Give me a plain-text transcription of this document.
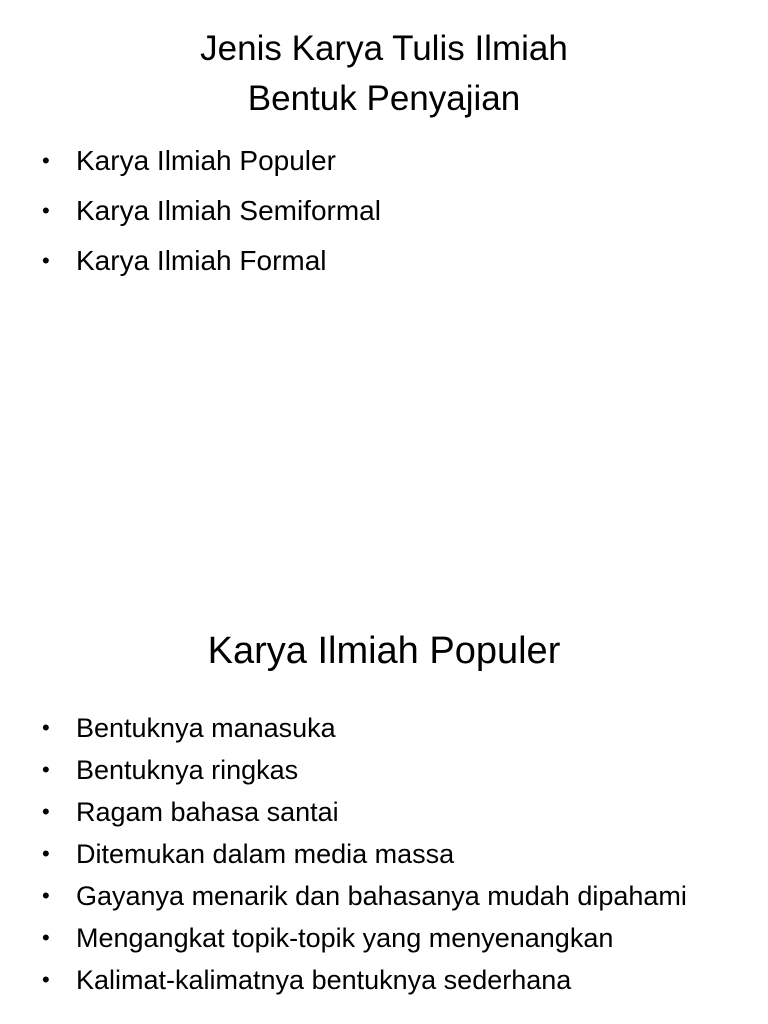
Jenis Karya Tulis Ilmiah
Bentuk Penyajian
• Karya Ilmiah Populer
• Karya Ilmiah Semiformal
• Karya Ilmiah Formal
Karya Ilmiah Populer
• Bentuknya manasuka
• Bentuknya ringkas
• Ragam bahasa santai
• Ditemukan dalam media massa
• Gayanya menarik dan bahasanya mudah dipahami
• Mengangkat topik-topik yang menyenangkan
• Kalimat-kalimatnya bentuknya sederhana
